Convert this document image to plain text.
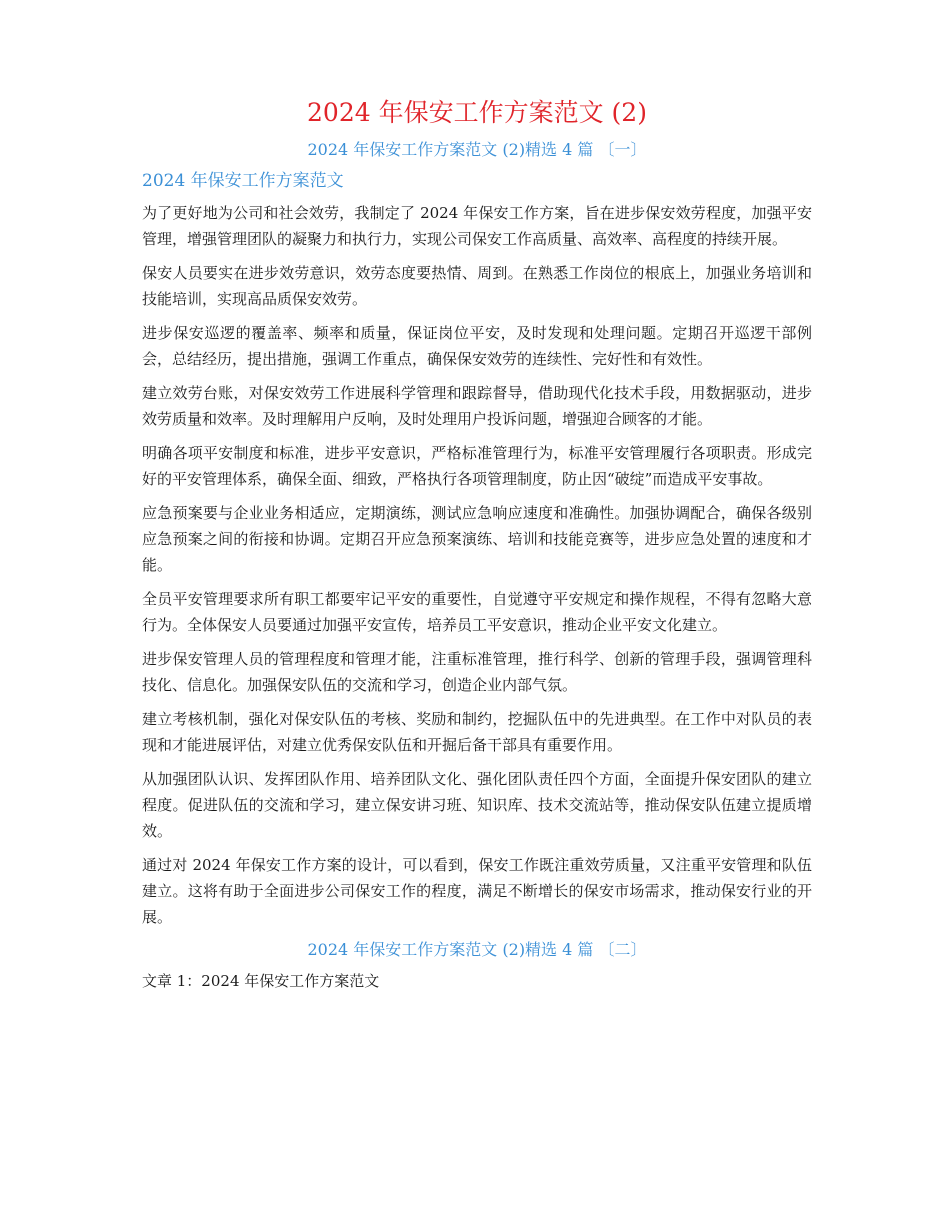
2024 年保安工作方案范文 (2)
2024 年保安工作方案范文 (2)精选 4 篇 〔一〕
2024 年保安工作方案范文

为了更好地为公司和社会效劳，我制定了 2024 年保安工作方案，旨在进步保安效劳程度，加强平安管理，增强管理团队的凝聚力和执行力，实现公司保安工作高质量、高效率、高程度的持续开展。

保安人员要实在进步效劳意识，效劳态度要热情、周到。在熟悉工作岗位的根底上，加强业务培训和技能培训，实现高品质保安效劳。

进步保安巡逻的覆盖率、频率和质量，保证岗位平安，及时发现和处理问题。定期召开巡逻干部例会，总结经历，提出措施，强调工作重点，确保保安效劳的连续性、完好性和有效性。

建立效劳台账，对保安效劳工作进展科学管理和跟踪督导，借助现代化技术手段，用数据驱动，进步效劳质量和效率。及时理解用户反响，及时处理用户投诉问题，增强迎合顾客的才能。

明确各项平安制度和标准，进步平安意识，严格标准管理行为，标准平安管理履行各项职责。形成完好的平安管理体系，确保全面、细致，严格执行各项管理制度，防止因“破绽”而造成平安事故。

应急预案要与企业业务相适应，定期演练，测试应急响应速度和准确性。加强协调配合，确保各级别应急预案之间的衔接和协调。定期召开应急预案演练、培训和技能竞赛等，进步应急处置的速度和才能。

全员平安管理要求所有职工都要牢记平安的重要性，自觉遵守平安规定和操作规程，不得有忽略大意行为。全体保安人员要通过加强平安宣传，培养员工平安意识，推动企业平安文化建立。

进步保安管理人员的管理程度和管理才能，注重标准管理，推行科学、创新的管理手段，强调管理科技化、信息化。加强保安队伍的交流和学习，创造企业内部气氛。

建立考核机制，强化对保安队伍的考核、奖励和制约，挖掘队伍中的先进典型。在工作中对队员的表现和才能进展评估，对建立优秀保安队伍和开掘后备干部具有重要作用。

从加强团队认识、发挥团队作用、培养团队文化、强化团队责任四个方面，全面提升保安团队的建立程度。促进队伍的交流和学习，建立保安讲习班、知识库、技术交流站等，推动保安队伍建立提质增效。

通过对 2024 年保安工作方案的设计，可以看到，保安工作既注重效劳质量，又注重平安管理和队伍建立。这将有助于全面进步公司保安工作的程度，满足不断增长的保安市场需求，推动保安行业的开展。

2024 年保安工作方案范文 (2)精选 4 篇 〔二〕

文章 1：2024 年保安工作方案范文
